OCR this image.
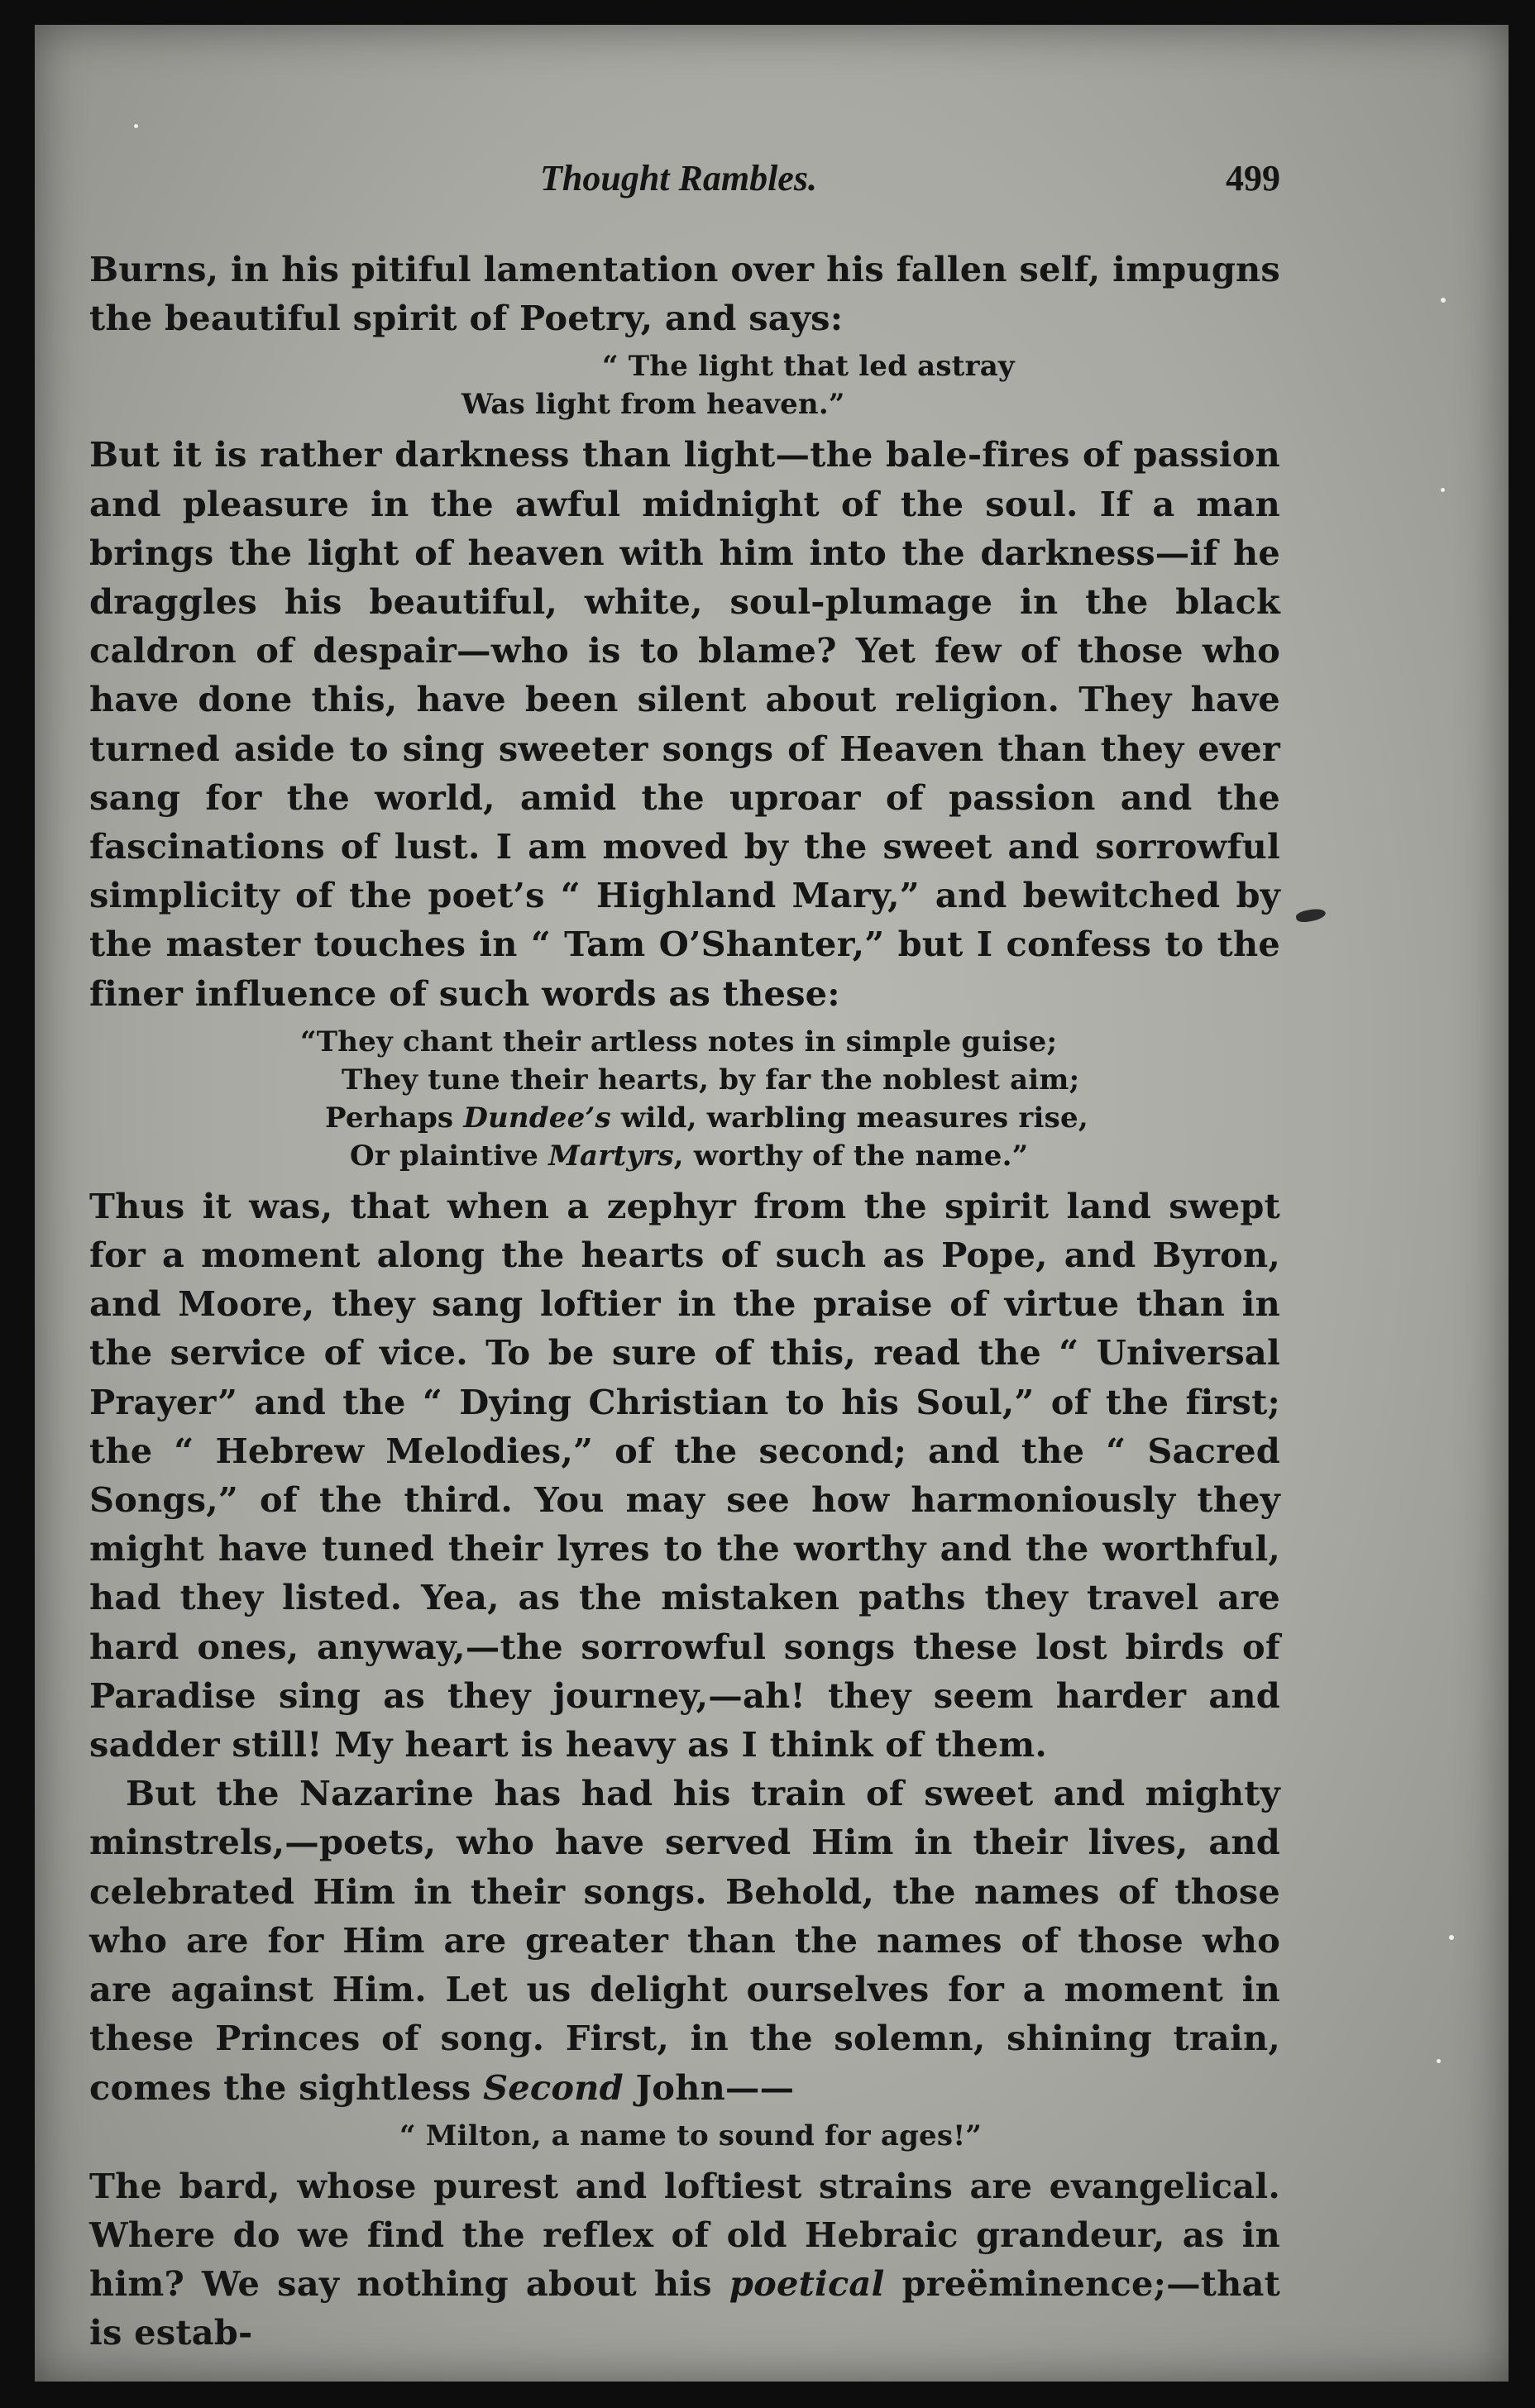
Thought Rambles.	499

Burns, in his pitiful lamentation over his fallen self, impugns the beautiful spirit of Poetry, and says:

“ The light that led astray
Was light from heaven.”

But it is rather darkness than light—the bale-fires of passion and pleasure in the awful midnight of the soul. If a man brings the light of heaven with him into the darkness—if he draggles his beautiful, white, soul-plumage in the black caldron of despair—who is to blame? Yet few of those who have done this, have been silent about religion. They have turned aside to sing sweeter songs of Heaven than they ever sang for the world, amid the uproar of passion and the fascinations of lust. I am moved by the sweet and sorrowful simplicity of the poet’s “ Highland Mary,” and bewitched by the master touches in “ Tam O’Shanter,” but I confess to the finer influence of such words as these:

“They chant their artless notes in simple guise;
They tune their hearts, by far the noblest aim;
Perhaps Dundee’s wild, warbling measures rise,
Or plaintive Martyrs, worthy of the name.”

Thus it was, that when a zephyr from the spirit land swept for a moment along the hearts of such as Pope, and Byron, and Moore, they sang loftier in the praise of virtue than in the service of vice. To be sure of this, read the “ Universal Prayer” and the “ Dying Christian to his Soul,” of the first; the “ Hebrew Melodies,” of the second; and the “ Sacred Songs,” of the third. You may see how harmoniously they might have tuned their lyres to the worthy and the worthful, had they listed. Yea, as the mistaken paths they travel are hard ones, anyway,—the sorrowful songs these lost birds of Paradise sing as they journey,—ah! they seem harder and sadder still! My heart is heavy as I think of them.

But the Nazarine has had his train of sweet and mighty minstrels,—poets, who have served Him in their lives, and celebrated Him in their songs. Behold, the names of those who are for Him are greater than the names of those who are against Him. Let us delight ourselves for a moment in these Princes of song. First, in the solemn, shining train, comes the sightless Second John——

“ Milton, a name to sound for ages!”

The bard, whose purest and loftiest strains are evangelical. Where do we find the reflex of old Hebraic grandeur, as in him? We say nothing about his poetical preëminence;—that is estab-
